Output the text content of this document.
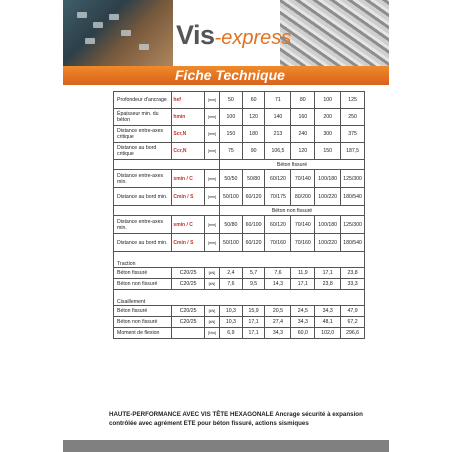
Vis - express
Fiche Technique
Profondeur d'ancrage	hef	[mm]	50	60	71	80	100	125
Épaisseur min. du béton	hmin	[mm]	100	120	140	160	200	250
Distance entre-axes critique	Scr,N	[mm]	150	180	213	240	300	375
Distance au bord critique	Ccr,N	[mm]	75	90	106,5	120	150	187,5
			Béton fissuré					
Distance entre-axes min.	smin / C	[mm]	50/50	50/80	60/120	70/140	100/180	125/300
Distance au bord min.	Cmin / S	[mm]	50/100	60/120	70/175	80/200	100/220	180/540
			Béton non fissuré					
Distance entre-axes min.	smin / C	[mm]	50/80	60/100	60/120	70/140	100/180	125/300
Distance au bord min.	Cmin / S	[mm]	50/100	60/120	70/160	70/160	100/220	180/540
Traction								
Béton fissuré	C20/25	[kN]	2,4	5,7	7,6	11,9	17,1	23,8
Béton non fissuré	C20/25	[kN]	7,6	9,5	14,3	17,1	23,8	33,3
Cisaillement								
Béton fissuré	C20/25	[kN]	10,3	15,9	20,5	24,5	34,3	47,9
Béton non fissuré	C20/25	[kN]	10,3	17,1	27,4	34,3	48,1	67,2
Moment de flexion		[Nm]	6,9	17,1	34,3	60,0	102,0	296,6
HAUTE-PERFORMANCE AVEC VIS TÊTE HEXAGONALE Ancrage sécurité à expansion contrôlée avec agrément ETE pour béton fissuré, actions sismiques
